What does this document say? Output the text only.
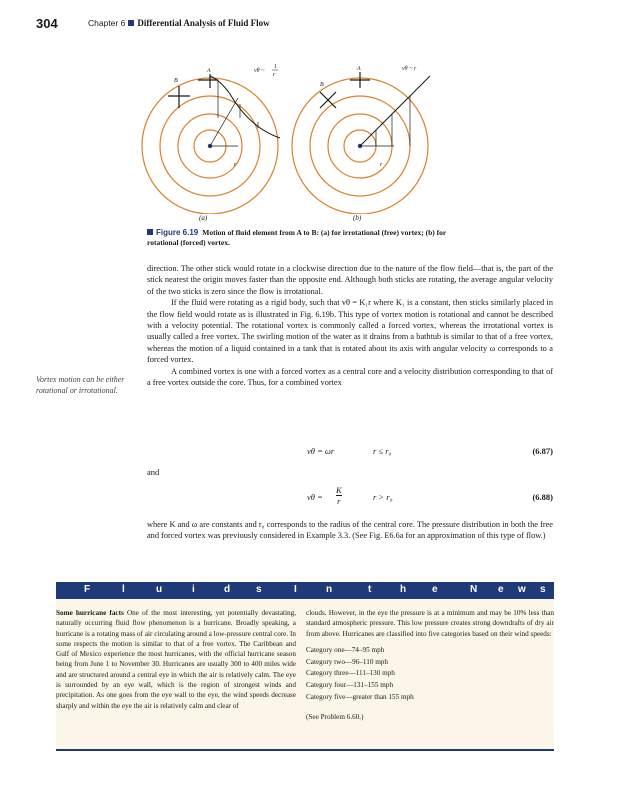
304	Chapter 6 Differential Analysis of Fluid Flow
A
B
vθ ~
1
r
r
A
B
vθ ~ r
r
(a)	(b)
Figure 6.19 Motion of fluid element from A to B: (a) for irrotational (free) vortex; (b) for rotational (forced) vortex.
Vortex motion can be either rotational or irrotational.

direction. The other stick would rotate in a clockwise direction due to the nature of the flow field—that is, the part of the stick nearest the origin moves faster than the opposite end. Although both sticks are rotating, the average angular velocity of the two sticks is zero since the flow is irrotational.

If the fluid were rotating as a rigid body, such that vθ = K₁r where K₁ is a constant, then sticks similarly placed in the flow field would rotate as is illustrated in Fig. 6.19b. This type of vortex motion is rotational and cannot be described with a velocity potential. The rotational vortex is commonly called a forced vortex, whereas the irrotational vortex is usually called a free vortex. The swirling motion of the water as it drains from a bathtub is similar to that of a free vortex, whereas the motion of a liquid contained in a tank that is rotated about its axis with angular velocity ω corresponds to a forced vortex.

A combined vortex is one with a forced vortex as a central core and a velocity distribution corresponding to that of a free vortex outside the core. Thus, for a combined vortex

vθ = ωr	r ≤ r₀	(6.87)
and
$v\theta = \frac{K}{r}$	r > r₀	(6.88)

where K and ω are constants and r₀ corresponds to the radius of the central core. The pressure distribution in both the free and forced vortex was previously considered in Example 3.3. (See Fig. E6.6a for an approximation of this type of flow.)

F	l	u	i	d	s	I	n	t	h	e	N e w s
Some hurricane facts One of the most interesting, yet potentially devastating, naturally occurring fluid flow phenomenon is a hurricane. Broadly speaking, a hurricane is a rotating mass of air circulating around a low-pressure central core. In some respects the motion is similar to that of a free vortex. The Caribbean and Gulf of Mexico experience the most hurricanes, with the official hurricane season being from June 1 to November 30. Hurricanes are usually 300 to 400 miles wide and are structured around a central eye in which the air is relatively calm. The eye is surrounded by an eye wall, which is the region of strongest winds and precipitation. As one goes from the eye wall to the eye, the wind speeds decrease sharply and within the eye the air is relatively calm and clear of
clouds. However, in the eye the pressure is at a minimum and may be 10% less than standard atmospheric pressure. This low pressure creates strong downdrafts of dry air from above. Hurricanes are classified into five categories based on their wind speeds:
Category one—74–95 mph
Category two—96–110 mph
Category three—111–130 mph
Category four—131–155 mph
Category five—greater than 155 mph
(See Problem 6.60.)
